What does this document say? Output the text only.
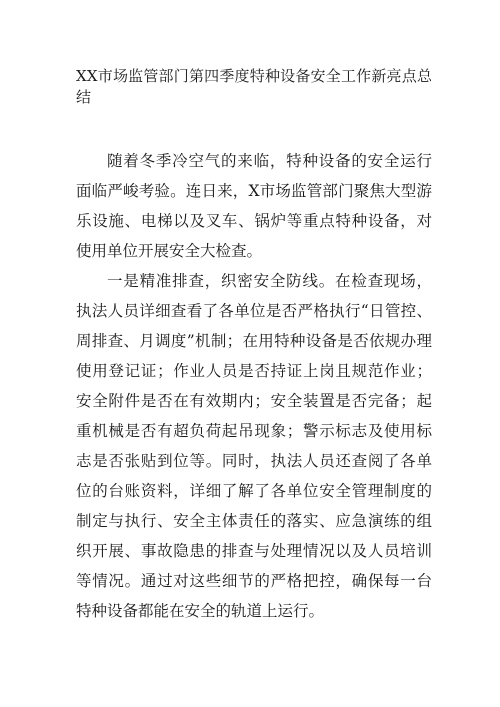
XX市场监管部门第四季度特种设备安全工作新亮点总结

随着冬季冷空气的来临，特种设备的安全运行面临严峻考验。连日来，X市场监管部门聚焦大型游乐设施、电梯以及叉车、锅炉等重点特种设备，对使用单位开展安全大检查。

一是精准排查，织密安全防线。在检查现场，执法人员详细查看了各单位是否严格执行“日管控、周排查、月调度”机制；在用特种设备是否依规办理使用登记证；作业人员是否持证上岗且规范作业；安全附件是否在有效期内；安全装置是否完备；起重机械是否有超负荷起吊现象；警示标志及使用标志是否张贴到位等。同时，执法人员还查阅了各单位的台账资料，详细了解了各单位安全管理制度的制定与执行、安全主体责任的落实、应急演练的组织开展、事故隐患的排查与处理情况以及人员培训等情况。通过对这些细节的严格把控，确保每一台特种设备都能在安全的轨道上运行。
